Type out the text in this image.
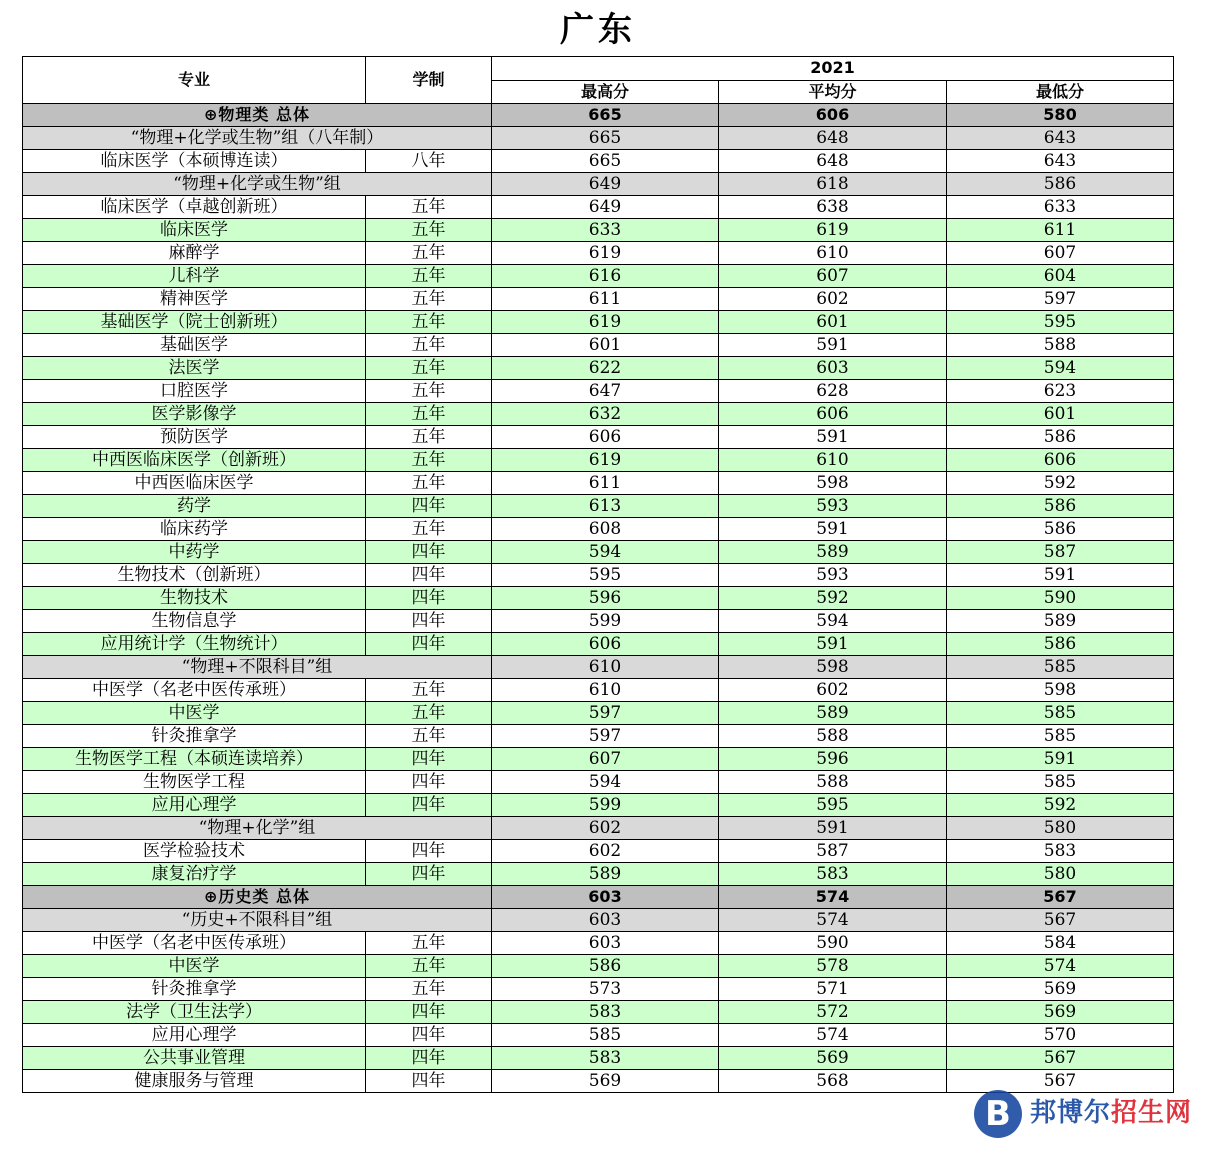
广东
专业	学制	2021		
		最高分	平均分	最低分
⊕物理类 总体		665	606	580
“物理+化学或生物”组（八年制）		665	648	643
临床医学（本硕博连读）	八年	665	648	643
“物理+化学或生物”组		649	618	586
临床医学（卓越创新班）	五年	649	638	633
临床医学	五年	633	619	611
麻醉学	五年	619	610	607
儿科学	五年	616	607	604
精神医学	五年	611	602	597
基础医学（院士创新班）	五年	619	601	595
基础医学	五年	601	591	588
法医学	五年	622	603	594
口腔医学	五年	647	628	623
医学影像学	五年	632	606	601
预防医学	五年	606	591	586
中西医临床医学（创新班）	五年	619	610	606
中西医临床医学	五年	611	598	592
药学	四年	613	593	586
临床药学	五年	608	591	586
中药学	四年	594	589	587
生物技术（创新班）	四年	595	593	591
生物技术	四年	596	592	590
生物信息学	四年	599	594	589
应用统计学（生物统计）	四年	606	591	586
“物理+不限科目”组		610	598	585
中医学（名老中医传承班）	五年	610	602	598
中医学	五年	597	589	585
针灸推拿学	五年	597	588	585
生物医学工程（本硕连读培养）	四年	607	596	591
生物医学工程	四年	594	588	585
应用心理学	四年	599	595	592
“物理+化学”组		602	591	580
医学检验技术	四年	602	587	583
康复治疗学	四年	589	583	580
⊕历史类 总体		603	574	567
“历史+不限科目”组		603	574	567
中医学（名老中医传承班）	五年	603	590	584
中医学	五年	586	578	574
针灸推拿学	五年	573	571	569
法学（卫生法学）	四年	583	572	569
应用心理学	四年	585	574	570
公共事业管理	四年	583	569	567
健康服务与管理	四年	569	568	567
B 邦博尔招生网
